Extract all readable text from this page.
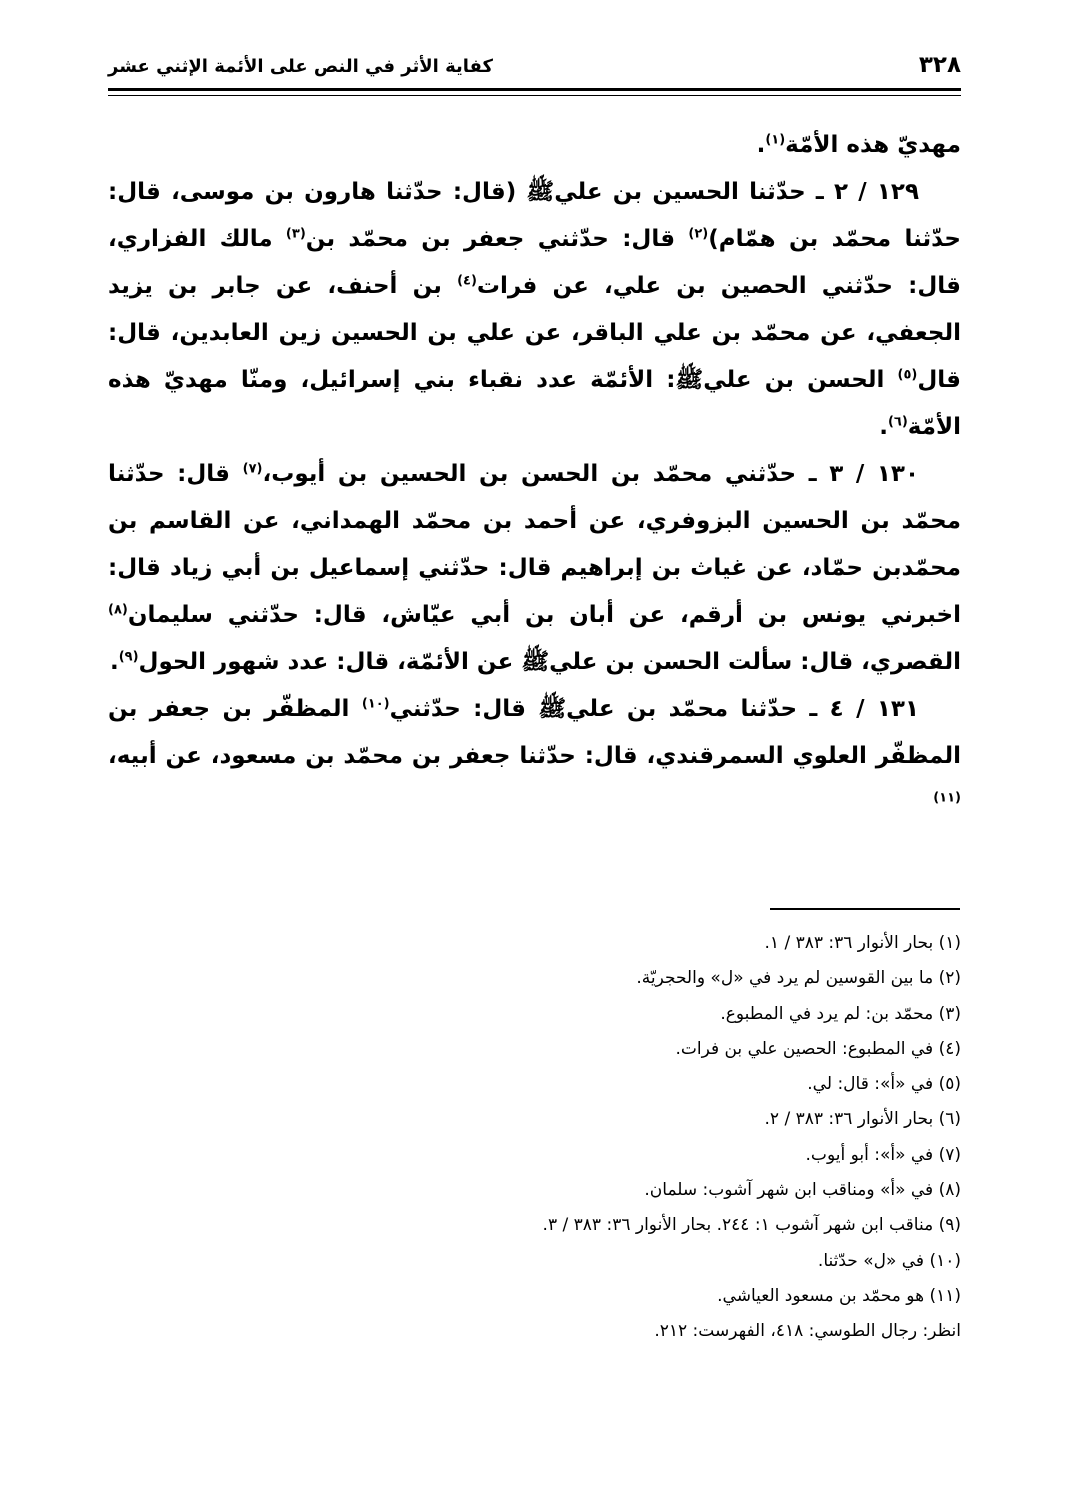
٣٢٨
كفاية الأثر في النص على الأئمة الإثني عشر

مهديّ هذه الأمّة$^{(١)}$.

١٢٩ / ٢ ـ حدّثنا الحسين بن عليﷺ (قال: حدّثنا هارون بن موسى، قال: حدّثنا محمّد بن همّام)$^{(٢)}$ قال: حدّثني جعفر بن محمّد بن$^{(٣)}$ مالك الفزاري، قال: حدّثني الحصين بن علي، عن فرات$^{(٤)}$ بن أحنف، عن جابر بن يزيد الجعفي، عن محمّد بن علي الباقر، عن علي بن الحسين زين العابدين، قال: قال$^{(٥)}$ الحسن بن عليﷺ: الأئمّة عدد نقباء بني إسرائيل، ومنّا مهديّ هذه الأمّة$^{(٦)}$.

١٣٠ / ٣ ـ حدّثني محمّد بن الحسن بن الحسين بن أيوب،$^{(٧)}$ قال: حدّثنا محمّد بن الحسين البزوفري، عن أحمد بن محمّد الهمداني، عن القاسم بن محمّدبن حمّاد، عن غياث بن إبراهيم قال: حدّثني إسماعيل بن أبي زياد قال: اخبرني يونس بن أرقم، عن أبان بن أبي عيّاش، قال: حدّثني سليمان$^{(٨)}$ القصري، قال: سألت الحسن بن عليﷺ عن الأئمّة، قال: عدد شهور الحول$^{(٩)}$.

١٣١ / ٤ ـ حدّثنا محمّد بن عليﷺ قال: حدّثني$^{(١٠)}$ المظفّر بن جعفر بن المظفّر العلوي السمرقندي، قال: حدّثنا جعفر بن محمّد بن مسعود، عن أبيه،$^{(١١)}$

(١) بحار الأنوار ٣٦: ٣٨٣ / ١.

(٢) ما بين القوسين لم يرد في «ل» والحجريّة.

(٣) محمّد بن: لم يرد في المطبوع.

(٤) في المطبوع: الحصين علي بن فرات.

(٥) في «أ»: قال: لي.

(٦) بحار الأنوار ٣٦: ٣٨٣ / ٢.

(٧) في «أ»: أبو أيوب.

(٨) في «أ» ومناقب ابن شهر آشوب: سلمان.

(٩) مناقب ابن شهر آشوب ١: ٢٤٤. بحار الأنوار ٣٦: ٣٨٣ / ٣.

(١٠) في «ل» حدّثنا.

(١١) هو محمّد بن مسعود العياشي.

انظر: رجال الطوسي: ٤١٨، الفهرست: ٢١٢.
